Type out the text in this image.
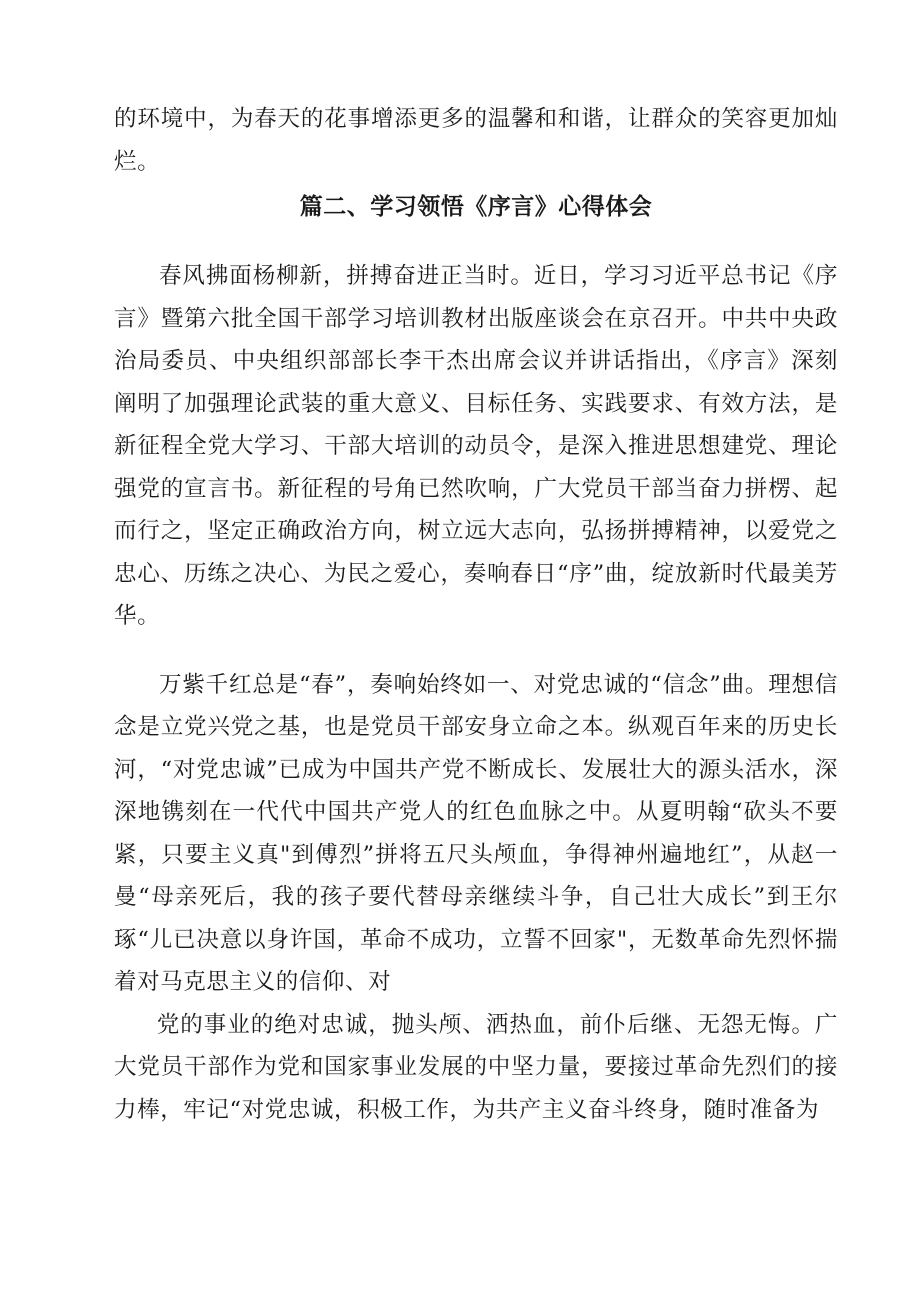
的环境中，为春天的花事增添更多的温馨和和谐，让群众的笑容更加灿烂。

篇二、学习领悟《序言》心得体会

春风拂面杨柳新，拼搏奋进正当时。近日，学习习近平总书记《序言》暨第六批全国干部学习培训教材出版座谈会在京召开。中共中央政治局委员、中央组织部部长李干杰出席会议并讲话指出，《序言》深刻阐明了加强理论武装的重大意义、目标任务、实践要求、有效方法，是新征程全党大学习、干部大培训的动员令，是深入推进思想建党、理论强党的宣言书。新征程的号角已然吹响，广大党员干部当奋力拼楞、起而行之，坚定正确政治方向，树立远大志向，弘扬拼搏精神，以爱党之忠心、历练之决心、为民之爱心，奏响春日“序”曲，绽放新时代最美芳华。

万紫千红总是“春”，奏响始终如一、对党忠诚的“信念”曲。理想信念是立党兴党之基，也是党员干部安身立命之本。纵观百年来的历史长河，“对党忠诚”已成为中国共产党不断成长、发展壮大的源头活水，深深地镌刻在一代代中国共产党人的红色血脉之中。从夏明翰“砍头不要紧，只要主义真"到傅烈”拼将五尺头颅血，争得神州遍地红”，从赵一曼“母亲死后，我的孩子要代替母亲继续斗争，自己壮大成长”到王尔琢“儿已决意以身许国，革命不成功，立誓不回家"，无数革命先烈怀揣着对马克思主义的信仰、对

党的事业的绝对忠诚，抛头颅、洒热血，前仆后继、无怨无悔。广大党员干部作为党和国家事业发展的中坚力量，要接过革命先烈们的接力棒，牢记“对党忠诚，积极工作，为共产主义奋斗终身，随时准备为
